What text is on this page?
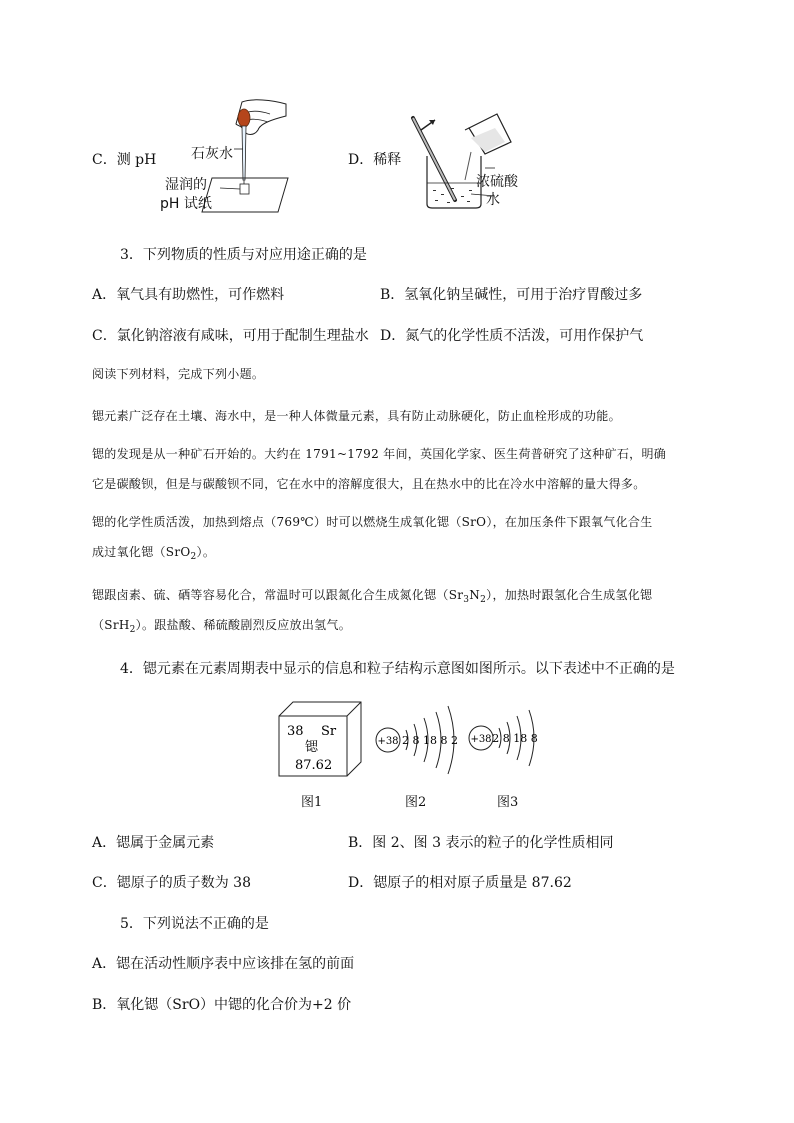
C．测 pH 石灰水
湿润的
pH 试纸
D．稀释
浓硫酸
水
3．下列物质的性质与对应用途正确的是
A．氧气具有助燃性，可作燃料	B．氢氧化钠呈碱性，可用于治疗胃酸过多
C．氯化钠溶液有咸味，可用于配制生理盐水 D．氮气的化学性质不活泼，可用作保护气
阅读下列材料，完成下列小题。
锶元素广泛存在土壤、海水中，是一种人体微量元素，具有防止动脉硬化，防止血栓形成的功能。
锶的发现是从一种矿石开始的。大约在 1791~1792 年间，英国化学家、医生荷普研究了这种矿石，明确
它是碳酸钡，但是与碳酸钡不同，它在水中的溶解度很大，且在热水中的比在冷水中溶解的量大得多。
锶的化学性质活泼，加热到熔点（769℃）时可以燃烧生成氧化锶（SrO），在加压条件下跟氧气化合生
成过氧化锶（SrO$_2$）。
锶跟卤素、硫、硒等容易化合，常温时可以跟氮化合生成氮化锶$(Sr_3N_2)$，加热时跟氢化合生成氢化锶
（SrH$_2$）。跟盐酸、稀硫酸剧烈反应放出氢气。
4．锶元素在元素周期表中显示的信息和粒子结构示意图如图所示。以下表述中不正确的是
38 Sr
锶
87.62
+38 2 8 18 8 2 +38 2 8 18 8
图1	图2	图3
A．锶属于金属元素	B．图 2、图 3 表示的粒子的化学性质相同
C．锶原子的质子数为 38	D．锶原子的相对原子质量是 87.62
5．下列说法不正确的是
A．锶在活动性顺序表中应该排在氢的前面
B．氧化锶（SrO）中锶的化合价为+2 价
